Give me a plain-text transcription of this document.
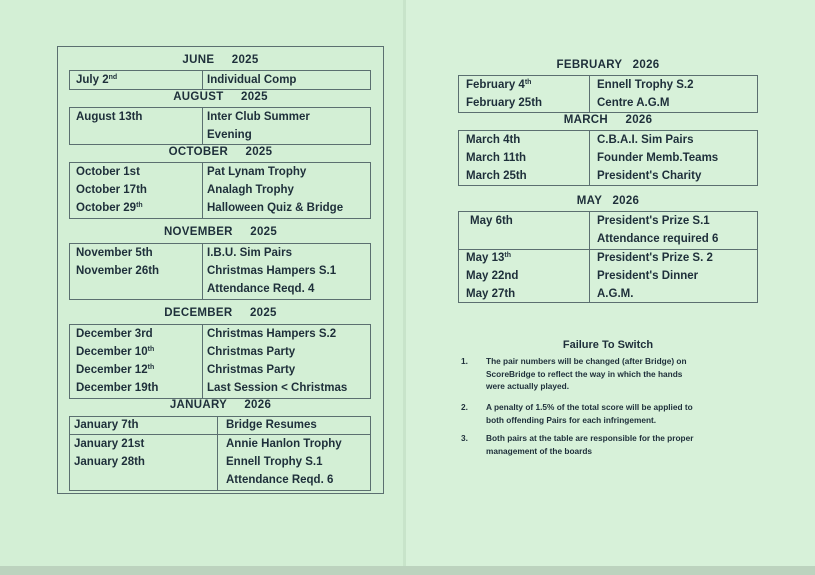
JUNE     2025
July 2nd	Individual Comp
AUGUST     2025
August 13th	Inter Club Summer
Evening
OCTOBER     2025
October 1st	Pat Lynam Trophy
October 17th	Analagh Trophy
October 29th	Halloween Quiz & Bridge
NOVEMBER     2025
November 5th	I.B.U. Sim Pairs
November 26th	Christmas Hampers S.1
Attendance Reqd. 4
DECEMBER     2025
December 3rd	Christmas Hampers S.2
December 10th	Christmas Party
December 12th	Christmas Party
December 19th	Last Session < Christmas
JANUARY     2026
January 7th	Bridge Resumes
January 21st	Annie Hanlon Trophy
January 28th	Ennell Trophy S.1
Attendance Reqd. 6
FEBRUARY   2026
February 4th	Ennell Trophy S.2
February 25th	Centre A.G.M
MARCH     2026
March 4th	C.B.A.I. Sim Pairs
March 11th	Founder Memb.Teams
March 25th	President's Charity
MAY   2026
May 6th	President's Prize S.1
Attendance required 6
May 13th	President's Prize S. 2
May 22nd	President's Dinner
May 27th	A.G.M.
Failure To Switch
1. The pair numbers will be changed (after Bridge) on
ScoreBridge to reflect the way in which the hands
were actually played.
2. A penalty of 1.5% of the total score will be applied to
both offending Pairs for each infringement.
3. Both pairs at the table are responsible for the proper
management of the boards
